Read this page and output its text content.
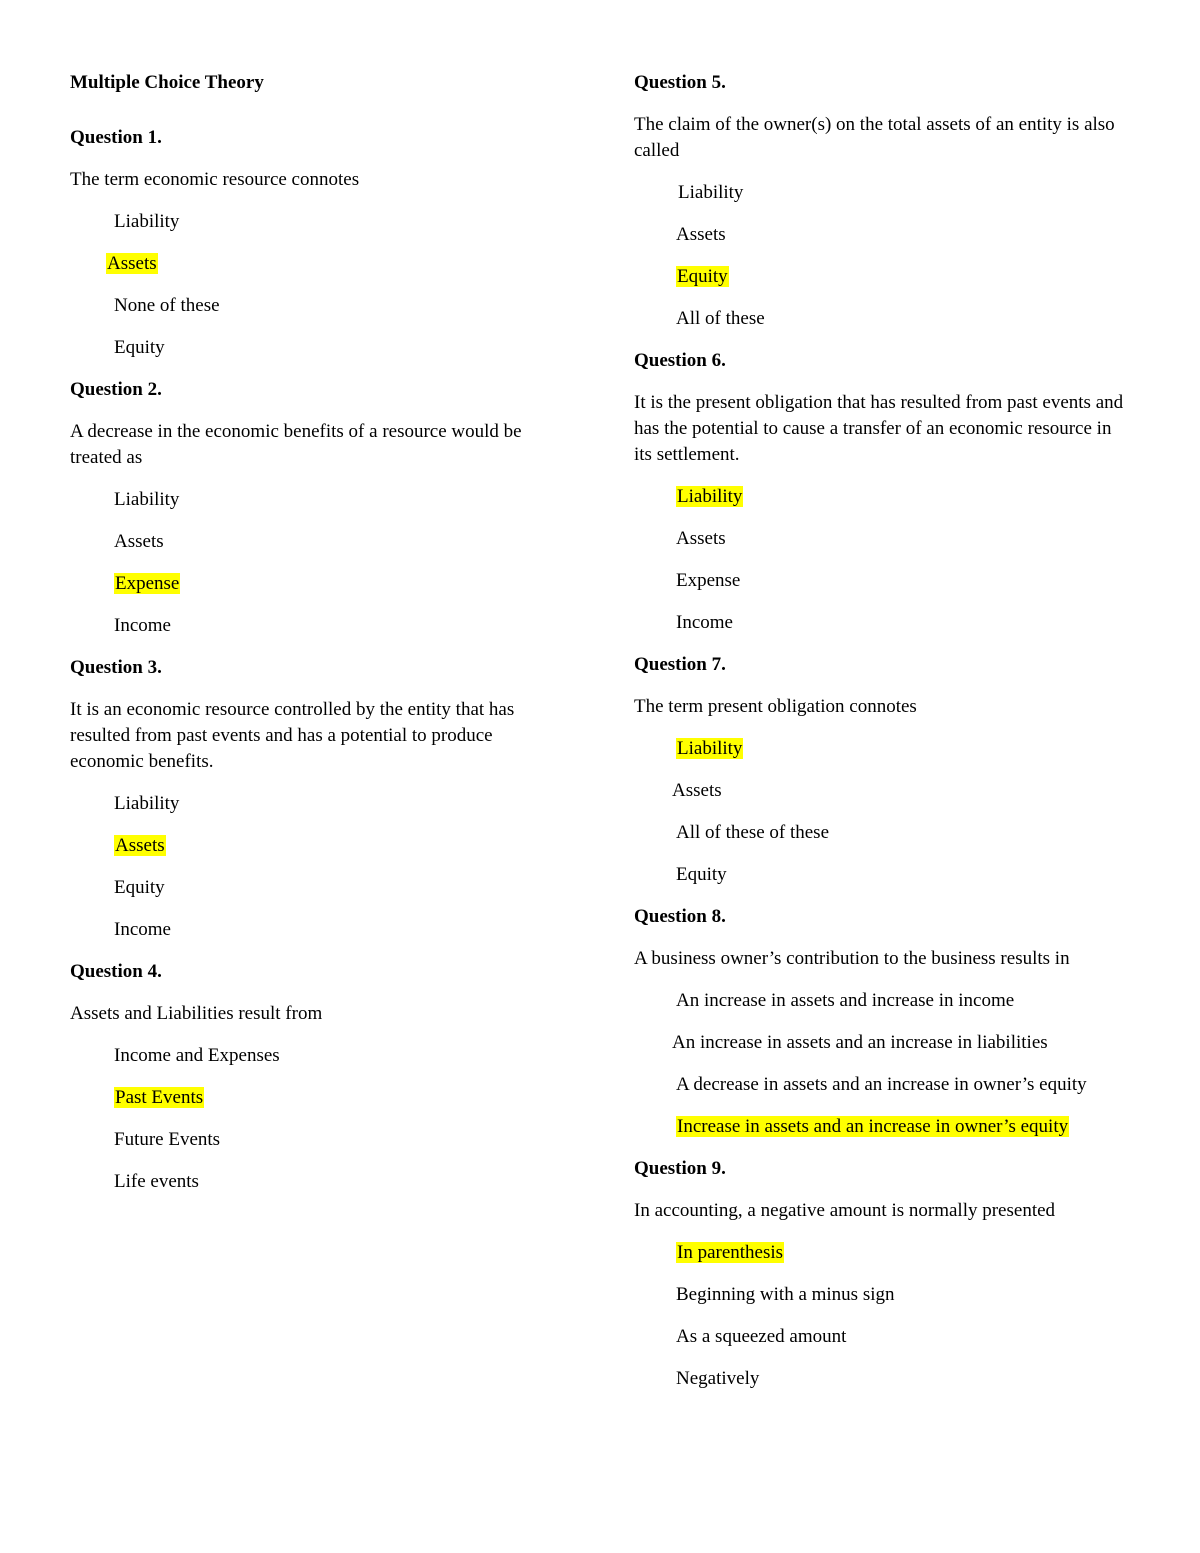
Multiple Choice Theory
Question 1.
The term economic resource connotes
Liability
Assets
None of these
Equity
Question 2.
A decrease in the economic benefits of a resource would be treated as
Liability
Assets
Expense
Income
Question 3.
It is an economic resource controlled by the entity that has resulted from past events and has a potential to produce economic benefits.
Liability
Assets
Equity
Income
Question 4.
Assets and Liabilities result from
Income and Expenses
Past Events
Future Events
Life events
Question 5.
The claim of the owner(s) on the total assets of an entity is also called
Liability
Assets
Equity
All of these
Question 6.
It is the present obligation that has resulted from past events and has the potential to cause a transfer of an economic resource in its settlement.
Liability
Assets
Expense
Income
Question 7.
The term present obligation connotes
Liability
Assets
All of these of these
Equity
Question 8.
A business owner’s contribution to the business results in
An increase in assets and increase in income
An increase in assets and an increase in liabilities
A decrease in assets and an increase in owner’s equity
Increase in assets and an increase in owner’s equity
Question 9.
In accounting, a negative amount is normally presented
In parenthesis
Beginning with a minus sign
As a squeezed amount
Negatively
